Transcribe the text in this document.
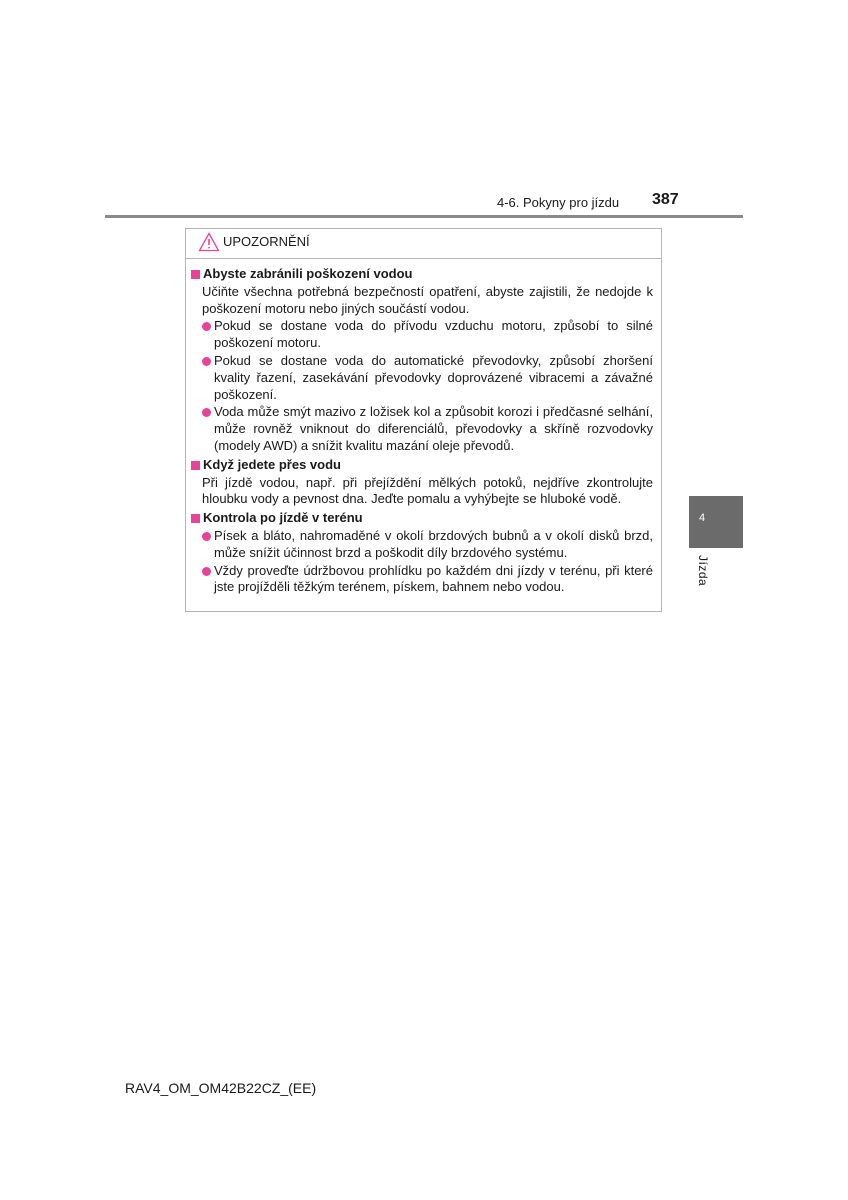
4-6. Pokyny pro jízdu 387
UPOZORNĚNÍ
Abyste zabránili poškození vodou
Učiňte všechna potřebná bezpečností opatření, abyste zajistili, že nedojde k poškození motoru nebo jiných součástí vodou.
Pokud se dostane voda do přívodu vzduchu motoru, způsobí to silné poškození motoru.
Pokud se dostane voda do automatické převodovky, způsobí zhoršení kvality řazení, zasekávání převodovky doprovázené vibracemi a závažné poškození.
Voda může smýt mazivo z ložisek kol a způsobit korozi i předčasné selhání, může rovněž vniknout do diferenciálů, převodovky a skříně rozvodovky (modely AWD) a snížit kvalitu mazání oleje převodů.
Když jedete přes vodu
Při jízdě vodou, např. při přejíždění mělkých potoků, nejdříve zkontrolujte hloubku vody a pevnost dna. Jeďte pomalu a vyhýbejte se hluboké vodě.
Kontrola po jízdě v terénu
Písek a bláto, nahromaděné v okolí brzdových bubnů a v okolí disků brzd, může snížit účinnost brzd a poškodit díly brzdového systému.
Vždy proveďte údržbovou prohlídku po každém dni jízdy v terénu, při které jste projížděli těžkým terénem, pískem, bahnem nebo vodou.
4
Jízda
RAV4_OM_OM42B22CZ_(EE)
